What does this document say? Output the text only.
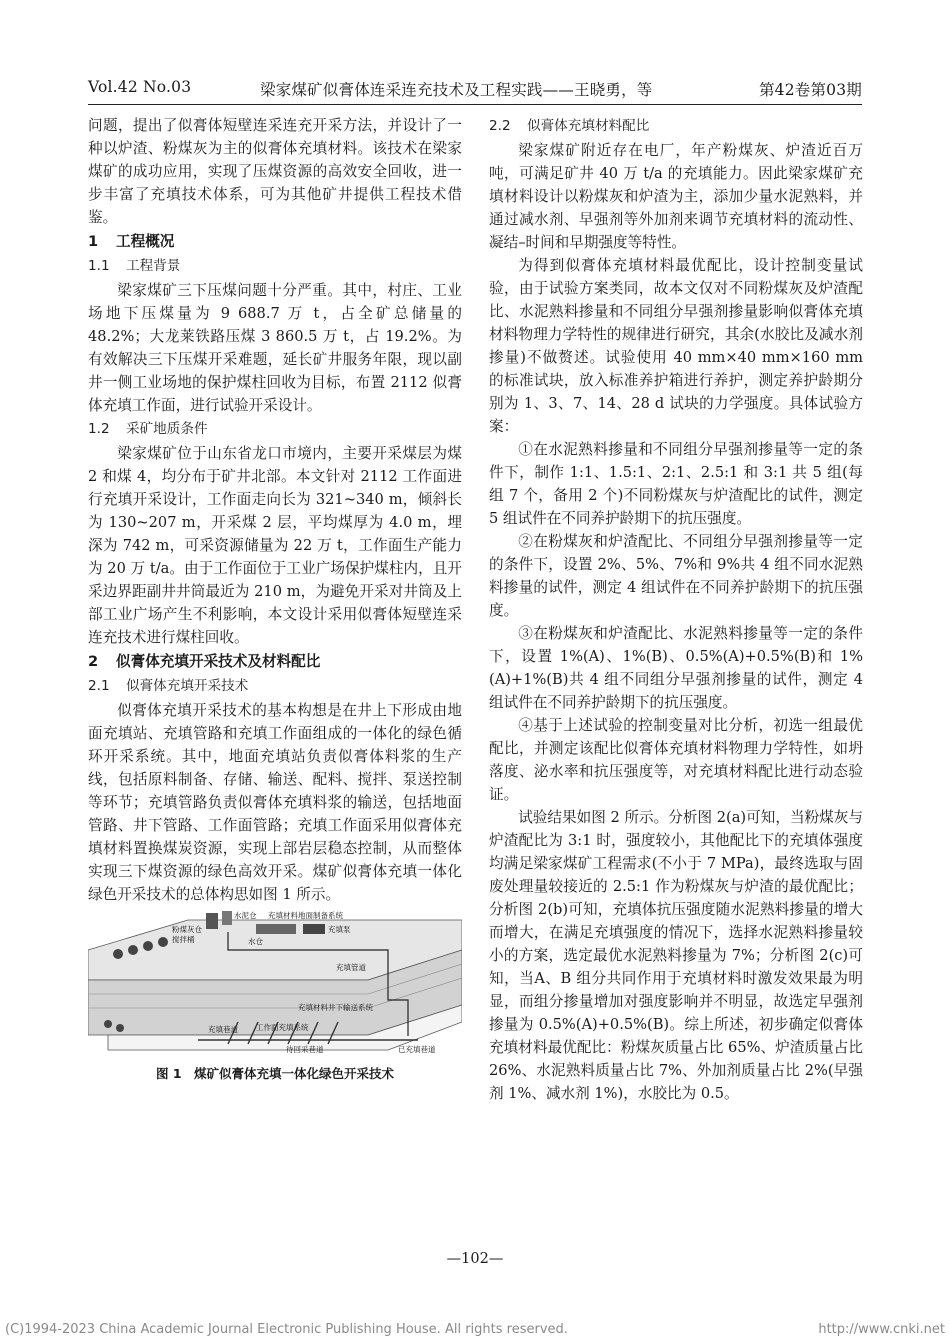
Vol.42 No.03	梁家煤矿似膏体连采连充技术及工程实践——王晓勇，等	第42卷第03期

问题，提出了似膏体短壁连采连充开采方法，并设计了一种以炉渣、粉煤灰为主的似膏体充填材料。该技术在梁家煤矿的成功应用，实现了压煤资源的高效安全回收，进一步丰富了充填技术体系，可为其他矿井提供工程技术借鉴。

1 工程概况
1.1 工程背景

梁家煤矿三下压煤问题十分严重。其中，村庄、工业场地下压煤量为 9 688.7 万 t，占全矿总储量的 48.2%；大龙莱铁路压煤 3 860.5 万 t，占 19.2%。为有效解决三下压煤开采难题，延长矿井服务年限，现以副井一侧工业场地的保护煤柱回收为目标，布置 2112 似膏体充填工作面，进行试验开采设计。

1.2 采矿地质条件

梁家煤矿位于山东省龙口市境内，主要开采煤层为煤 2 和煤 4，均分布于矿井北部。本文针对 2112 工作面进行充填开采设计，工作面走向长为 321~340 m，倾斜长为 130~207 m，开采煤 2 层，平均煤厚为 4.0 m，埋深为 742 m，可采资源储量为 22 万 t，工作面生产能力为 20 万 t/a。由于工作面位于工业广场保护煤柱内，且开采边界距副井井筒最近为 210 m，为避免开采对井筒及上部工业广场产生不利影响，本文设计采用似膏体短壁连采连充技术进行煤柱回收。

2 似膏体充填开采技术及材料配比
2.1 似膏体充填开采技术

似膏体充填开采技术的基本构想是在井上下形成由地面充填站、充填管路和充填工作面组成的一体化的绿色循环开采系统。其中，地面充填站负责似膏体料浆的生产线，包括原料制备、存储、输送、配料、搅拌、泵送控制等环节；充填管路负责似膏体充填料浆的输送，包括地面管路、井下管路、工作面管路；充填工作面采用似膏体充填材料置换煤炭资源，实现上部岩层稳态控制，从而整体实现三下煤资源的绿色高效开采。煤矿似膏体充填一体化绿色开采技术的总体构思如图 1 所示。

水泥仓 充填材料地面制备系统
粉煤灰仓
搅拌桶	水仓
充填泵
充填管道
充填材料井下输送系统
充填巷道 工作面充填系统
待回采巷道	已充填巷道
图 1　煤矿似膏体充填一体化绿色开采技术
2.2 似膏体充填材料配比

梁家煤矿附近存在电厂，年产粉煤灰、炉渣近百万吨，可满足矿井 40 万 t/a 的充填能力。因此梁家煤矿充填材料设计以粉煤灰和炉渣为主，添加少量水泥熟料，并通过减水剂、早强剂等外加剂来调节充填材料的流动性、凝结–时间和早期强度等特性。

为得到似膏体充填材料最优配比，设计控制变量试验，由于试验方案类同，故本文仅对不同粉煤灰及炉渣配比、水泥熟料掺量和不同组分早强剂掺量影响似膏体充填材料物理力学特性的规律进行研究，其余(水胶比及减水剂掺量)不做赘述。试验使用 40 mm×40 mm×160 mm 的标准试块，放入标准养护箱进行养护，测定养护龄期分别为 1、3、7、14、28 d 试块的力学强度。具体试验方案：

①在水泥熟料掺量和不同组分早强剂掺量等一定的条件下，制作 1:1、1.5:1、2:1、2.5:1 和 3:1 共 5 组(每组 7 个，备用 2 个)不同粉煤灰与炉渣配比的试件，测定 5 组试件在不同养护龄期下的抗压强度。

②在粉煤灰和炉渣配比、不同组分早强剂掺量等一定的条件下，设置 2%、5%、7%和 9%共 4 组不同水泥熟料掺量的试件，测定 4 组试件在不同养护龄期下的抗压强度。

③在粉煤灰和炉渣配比、水泥熟料掺量等一定的条件下，设置 1%(A)、1%(B)、0.5%(A)+0.5%(B)和 1%(A)+1%(B)共 4 组不同组分早强剂掺量的试件，测定 4 组试件在不同养护龄期下的抗压强度。

④基于上述试验的控制变量对比分析，初选一组最优配比，并测定该配比似膏体充填材料物理力学特性，如坍落度、泌水率和抗压强度等，对充填材料配比进行动态验证。

试验结果如图 2 所示。分析图 2(a)可知，当粉煤灰与炉渣配比为 3:1 时，强度较小，其他配比下的充填体强度均满足梁家煤矿工程需求(不小于 7 MPa)，最终选取与固废处理量较接近的 2.5:1 作为粉煤灰与炉渣的最优配比；分析图 2(b)可知，充填体抗压强度随水泥熟料掺量的增大而增大，在满足充填强度的情况下，选择水泥熟料掺量较小的方案，选定最优水泥熟料掺量为 7%；分析图 2(c)可知，当A、B 组分共同作用于充填材料时激发效果最为明显，而组分掺量增加对强度影响并不明显，故选定早强剂掺量为 0.5%(A)+0.5%(B)。综上所述，初步确定似膏体充填材料最优配比：粉煤灰质量占比 65%、炉渣质量占比 26%、水泥熟料质量占比 7%、外加剂质量占比 2%(早强剂 1%、减水剂 1%)，水胶比为 0.5。

—102—
(C)1994-2023 China Academic Journal Electronic Publishing House. All rights reserved.	http://www.cnki.net
